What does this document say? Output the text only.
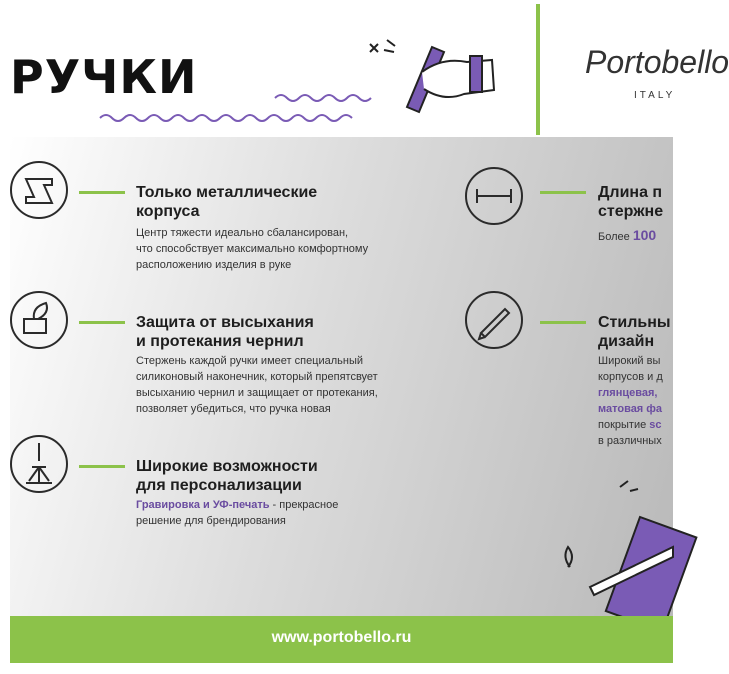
РУЧКИ	Portobello
ITALY
Только металлические
корпуса
Центр тяжести идеально сбалансирован,
что способствует максимально комфортному
расположению изделия в руке
Защита от высыхания
и протекания чернил
Стержень каждой ручки имеет специальный
силиконовый наконечник, который препятсвует
высыханию чернил и защищает от протекания,
позволяет убедиться, что ручка новая
Широкие возможности
для персонализации
Гравировка и УФ-печать - прекрасное
решение для брендирования
Длина п
стержне
Более 100
Стильны
дизайн
Широкий вы
корпусов и д
глянцевая,
матовая фа
покрытие sc
в различных
www.portobello.ru
